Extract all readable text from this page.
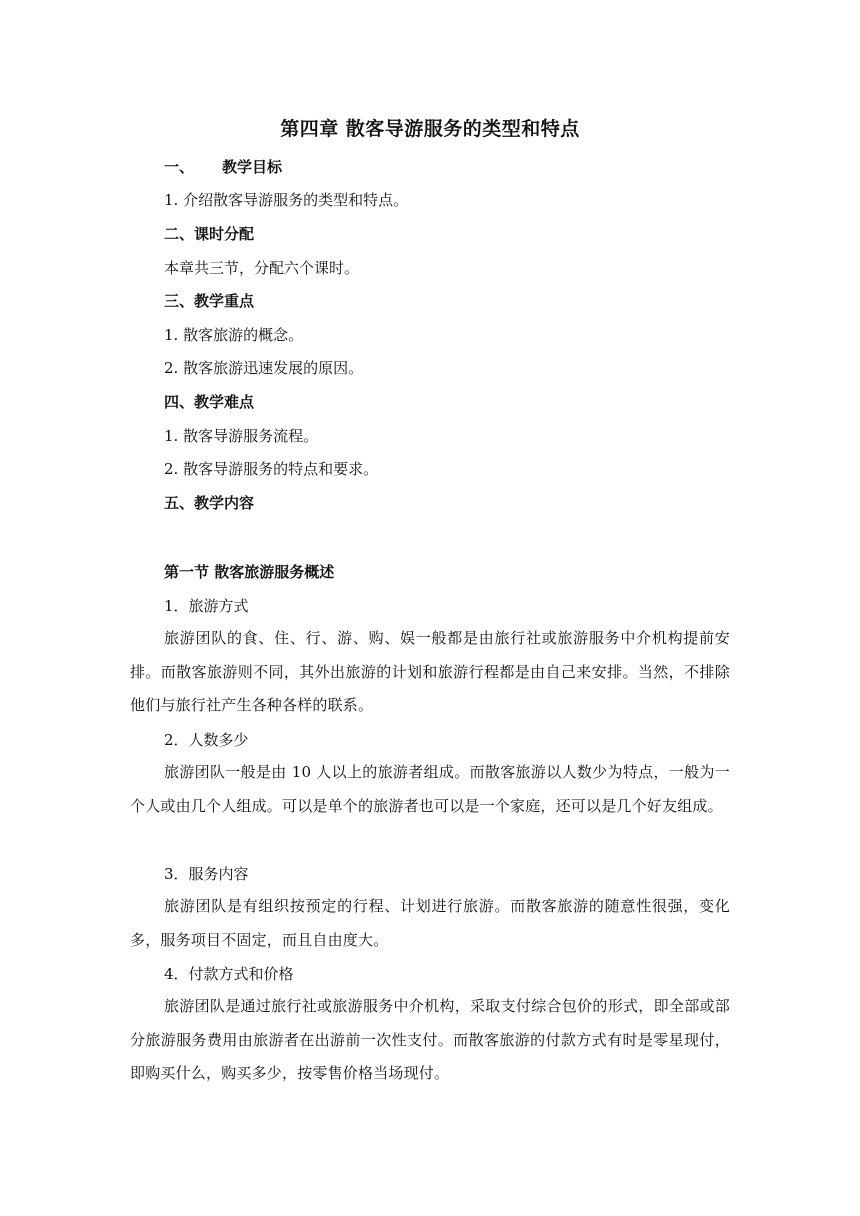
第四章 散客导游服务的类型和特点
一、 教学目标
1. 介绍散客导游服务的类型和特点。
二、课时分配
本章共三节，分配六个课时。
三、教学重点
1. 散客旅游的概念。
2. 散客旅游迅速发展的原因。
四、教学难点
1. 散客导游服务流程。
2. 散客导游服务的特点和要求。
五、教学内容
第一节 散客旅游服务概述
1．旅游方式
旅游团队的食、住、行、游、购、娱一般都是由旅行社或旅游服务中介机构提前安排。而散客旅游则不同，其外出旅游的计划和旅游行程都是由自己来安排。当然，不排除他们与旅行社产生各种各样的联系。
2．人数多少
旅游团队一般是由 10 人以上的旅游者组成。而散客旅游以人数少为特点，一般为一个人或由几个人组成。可以是单个的旅游者也可以是一个家庭，还可以是几个好友组成。
3．服务内容
旅游团队是有组织按预定的行程、计划进行旅游。而散客旅游的随意性很强，变化多，服务项目不固定，而且自由度大。
4．付款方式和价格
旅游团队是通过旅行社或旅游服务中介机构，采取支付综合包价的形式，即全部或部分旅游服务费用由旅游者在出游前一次性支付。而散客旅游的付款方式有时是零星现付，即购买什么，购买多少，按零售价格当场现付。
